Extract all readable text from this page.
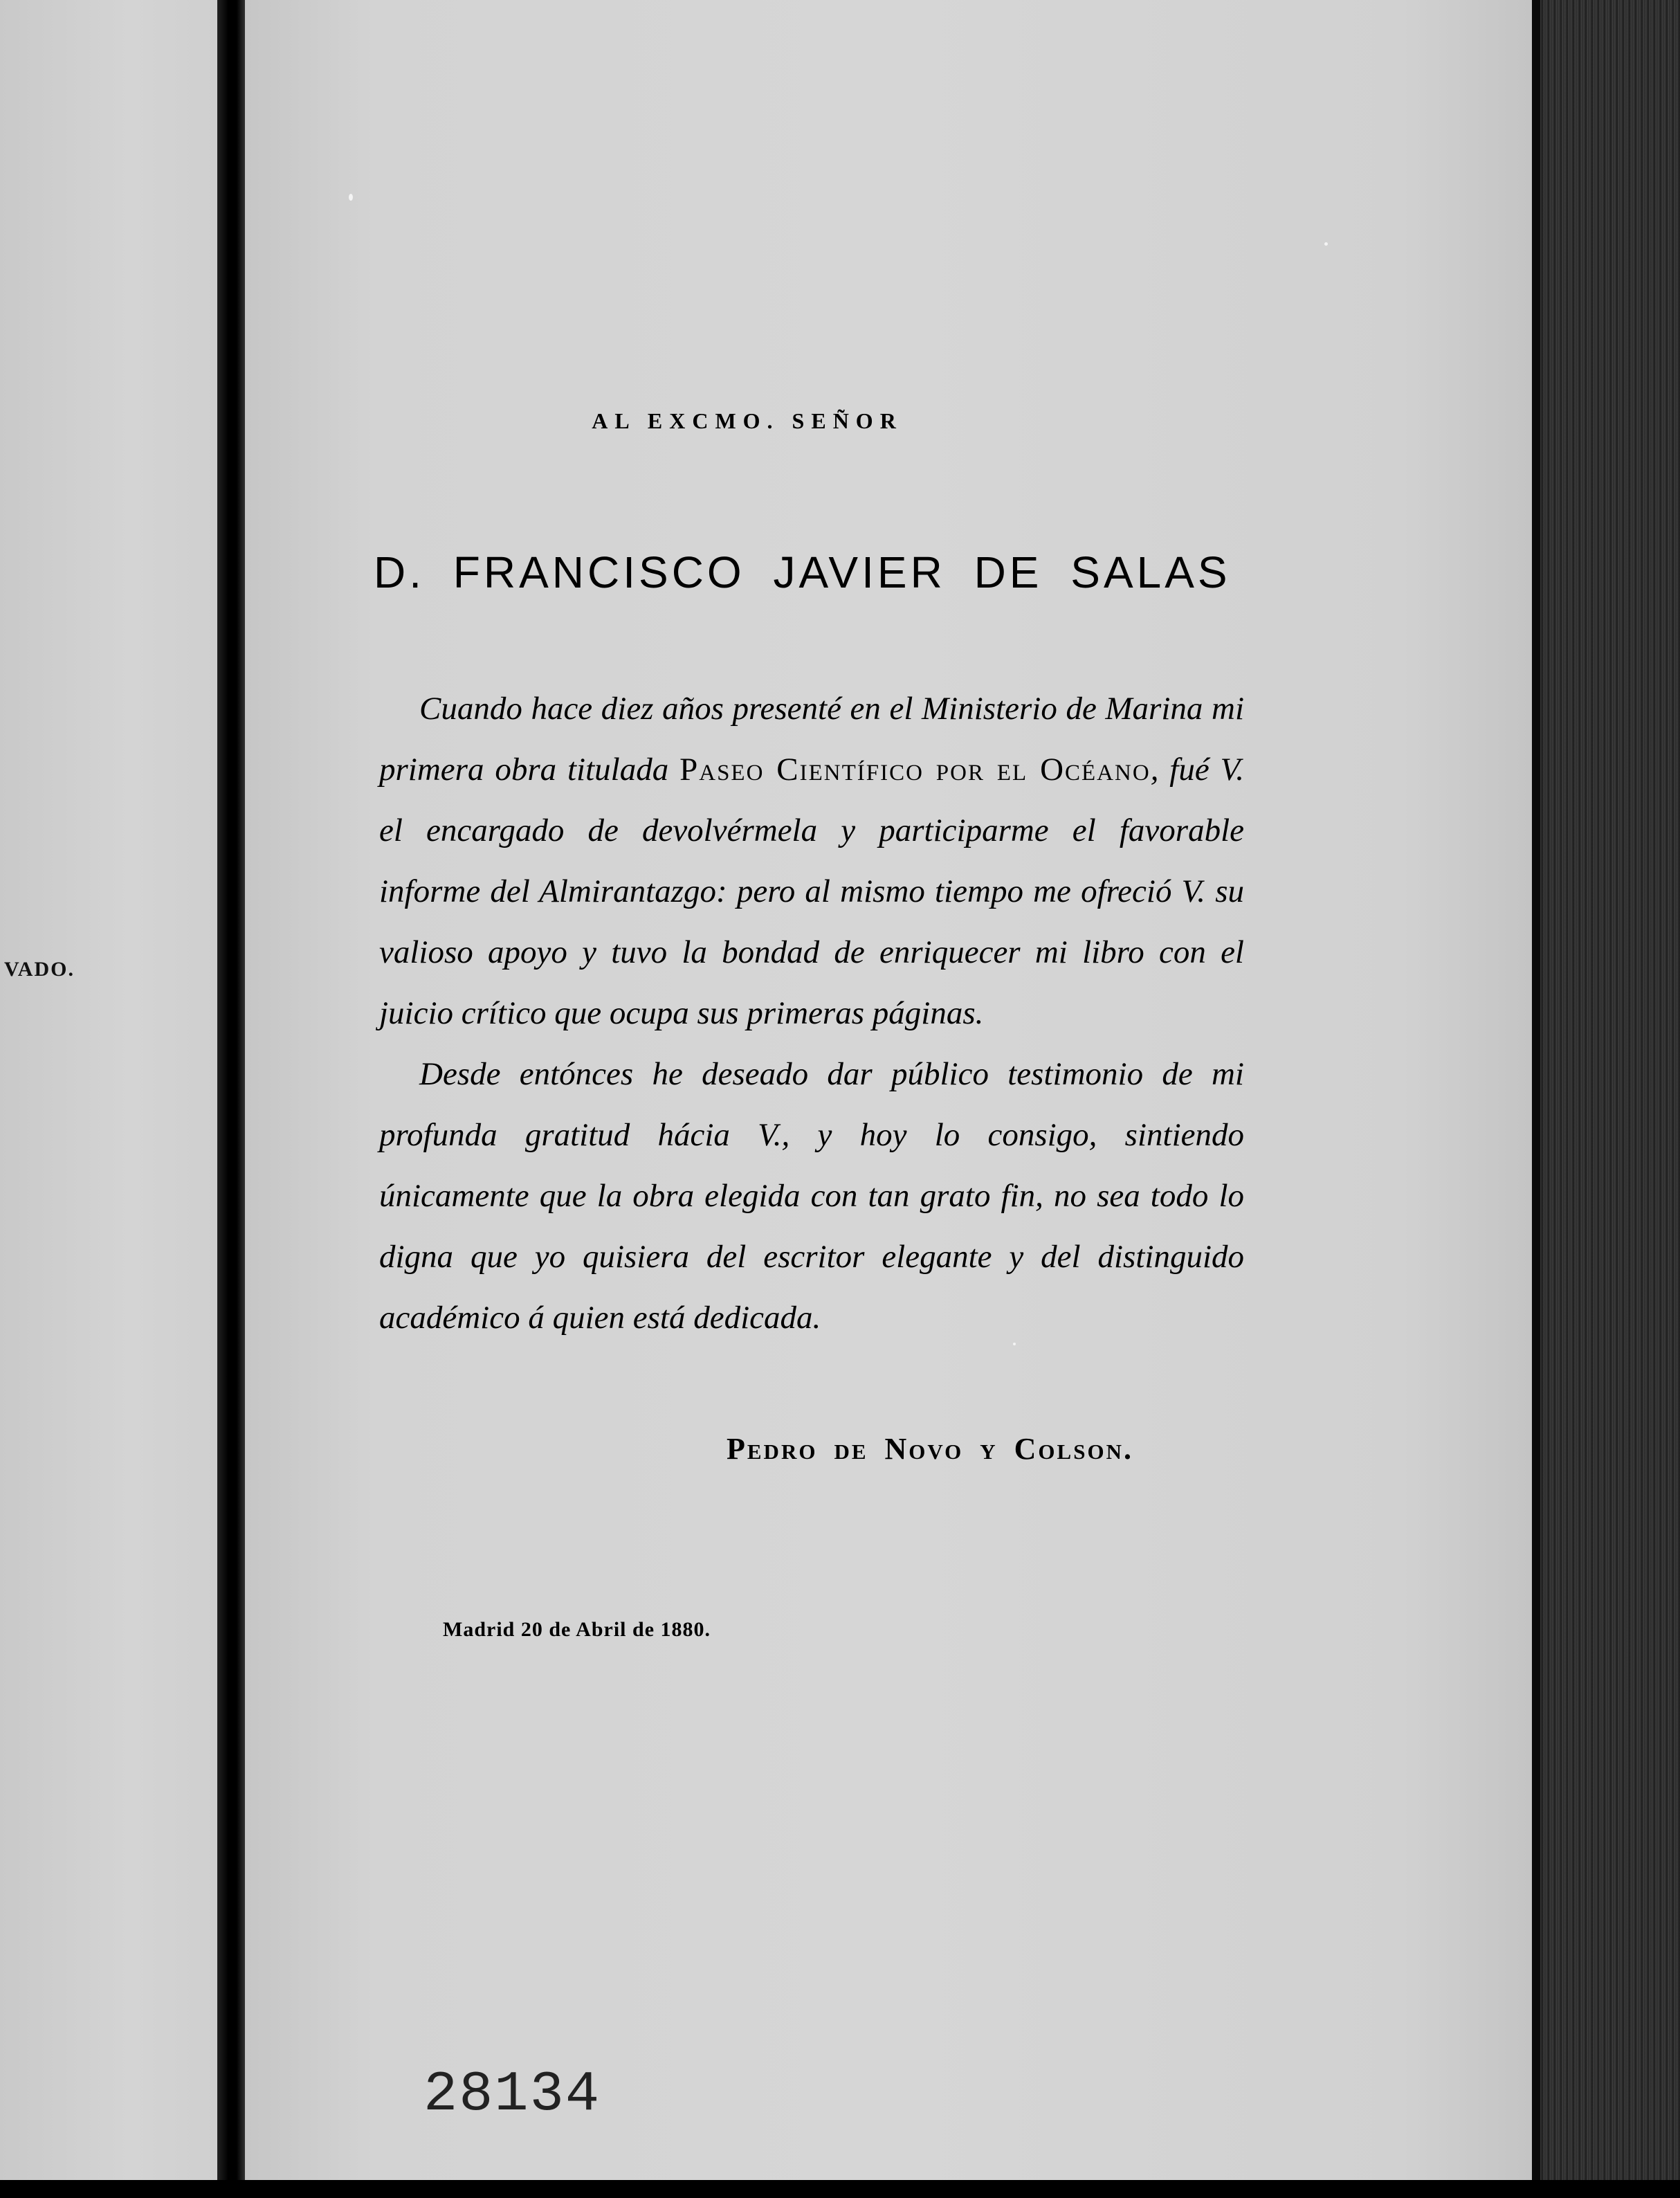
VADO.
AL EXCMO. SEÑOR
D. FRANCISCO JAVIER DE SALAS

Cuando hace diez años presenté en el Ministerio de Marina mi primera obra titulada Paseo Científico por el Océano, fué V. el encargado de devolvérmela y participarme el favorable informe del Almirantazgo: pero al mismo tiempo me ofreció V. su valioso apoyo y tuvo la bondad de enriquecer mi libro con el juicio crítico que ocupa sus primeras páginas.

Desde entónces he deseado dar público testimonio de mi profunda gratitud hácia V., y hoy lo consigo, sintiendo únicamente que la obra elegida con tan grato fin, no sea todo lo digna que yo quisiera del escritor elegante y del distinguido académico á quien está dedicada.

Pedro de Novo y Colson.
Madrid 20 de Abril de 1880.
28134
